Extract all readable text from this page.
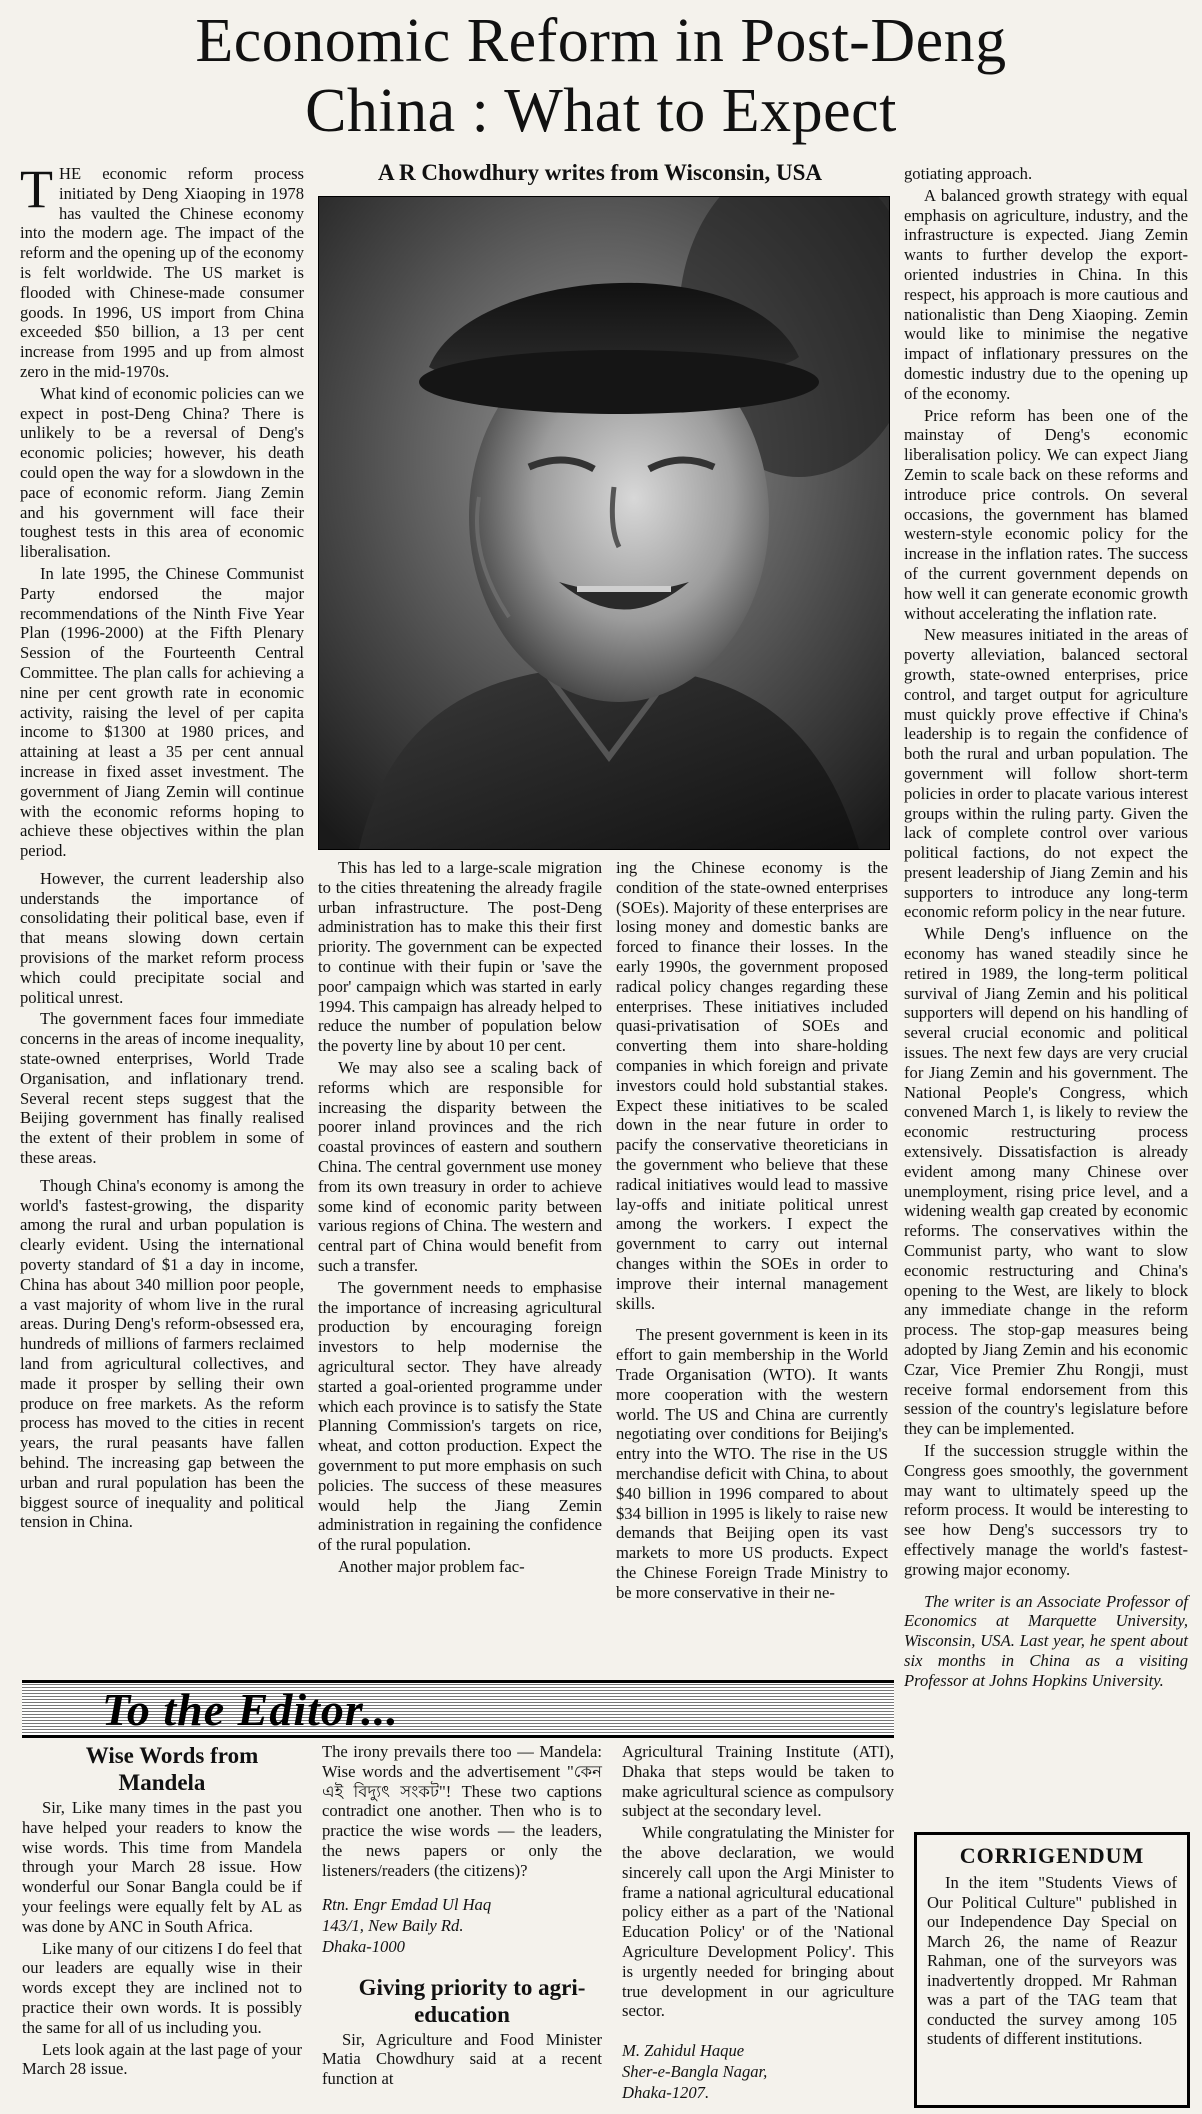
Economic Reform in Post-Deng
China : What to Expect

A R Chowdhury writes from Wisconsin, USA

THE economic reform process initiated by Deng Xiaoping in 1978 has vaulted the Chinese economy into the modern age. The impact of the reform and the opening up of the economy is felt worldwide. The US market is flooded with Chinese-made consumer goods. In 1996, US import from China exceeded $50 billion, a 13 per cent increase from 1995 and up from almost zero in the mid-1970s.

What kind of economic policies can we expect in post-Deng China? There is unlikely to be a reversal of Deng's economic policies; however, his death could open the way for a slowdown in the pace of economic reform. Jiang Zemin and his government will face their toughest tests in this area of economic liberalisation.

In late 1995, the Chinese Communist Party endorsed the major recommendations of the Ninth Five Year Plan (1996-2000) at the Fifth Plenary Session of the Fourteenth Central Committee. The plan calls for achieving a nine per cent growth rate in economic activity, raising the level of per capita income to $1300 at 1980 prices, and attaining at least a 35 per cent annual increase in fixed asset investment. The government of Jiang Zemin will continue with the economic reforms hoping to achieve these objectives within the plan period.

However, the current leadership also understands the importance of consolidating their political base, even if that means slowing down certain provisions of the market reform process which could precipitate social and political unrest.

The government faces four immediate concerns in the areas of income inequality, state-owned enterprises, World Trade Organisation, and inflationary trend. Several recent steps suggest that the Beijing government has finally realised the extent of their problem in some of these areas.

Though China's economy is among the world's fastest-growing, the disparity among the rural and urban population is clearly evident. Using the international poverty standard of $1 a day in income, China has about 340 million poor people, a vast majority of whom live in the rural areas. During Deng's reform-obsessed era, hundreds of millions of farmers reclaimed land from agricultural collectives, and made it prosper by selling their own produce on free markets. As the reform process has moved to the cities in recent years, the rural peasants have fallen behind. The increasing gap between the urban and rural population has been the biggest source of inequality and political tension in China.

This has led to a large-scale migration to the cities threatening the already fragile urban infrastructure. The post-Deng administration has to make this their first priority. The government can be expected to continue with their fupin or 'save the poor' campaign which was started in early 1994. This campaign has already helped to reduce the number of population below the poverty line by about 10 per cent.

We may also see a scaling back of reforms which are responsible for increasing the disparity between the poorer inland provinces and the rich coastal provinces of eastern and southern China. The central government use money from its own treasury in order to achieve some kind of economic parity between various regions of China. The western and central part of China would benefit from such a transfer.

The government needs to emphasise the importance of increasing agricultural production by encouraging foreign investors to help modernise the agricultural sector. They have already started a goal-oriented programme under which each province is to satisfy the State Planning Commission's targets on rice, wheat, and cotton production. Expect the government to put more emphasis on such policies. The success of these measures would help the Jiang Zemin administration in regaining the confidence of the rural population.

Another major problem fac-

ing the Chinese economy is the condition of the state-owned enterprises (SOEs). Majority of these enterprises are losing money and domestic banks are forced to finance their losses. In the early 1990s, the government proposed radical policy changes regarding these enterprises. These initiatives included quasi-privatisation of SOEs and converting them into share-holding companies in which foreign and private investors could hold substantial stakes. Expect these initiatives to be scaled down in the near future in order to pacify the conservative theoreticians in the government who believe that these radical initiatives would lead to massive lay-offs and initiate political unrest among the workers. I expect the government to carry out internal changes within the SOEs in order to improve their internal management skills.

The present government is keen in its effort to gain membership in the World Trade Organisation (WTO). It wants more cooperation with the western world. The US and China are currently negotiating over conditions for Beijing's entry into the WTO. The rise in the US merchandise deficit with China, to about $40 billion in 1996 compared to about $34 billion in 1995 is likely to raise new demands that Beijing open its vast markets to more US products. Expect the Chinese Foreign Trade Ministry to be more conservative in their ne-

gotiating approach.

A balanced growth strategy with equal emphasis on agriculture, industry, and the infrastructure is expected. Jiang Zemin wants to further develop the export-oriented industries in China. In this respect, his approach is more cautious and nationalistic than Deng Xiaoping. Zemin would like to minimise the negative impact of inflationary pressures on the domestic industry due to the opening up of the economy.

Price reform has been one of the mainstay of Deng's economic liberalisation policy. We can expect Jiang Zemin to scale back on these reforms and introduce price controls. On several occasions, the government has blamed western-style economic policy for the increase in the inflation rates. The success of the current government depends on how well it can generate economic growth without accelerating the inflation rate.

New measures initiated in the areas of poverty alleviation, balanced sectoral growth, state-owned enterprises, price control, and target output for agriculture must quickly prove effective if China's leadership is to regain the confidence of both the rural and urban population. The government will follow short-term policies in order to placate various interest groups within the ruling party. Given the lack of complete control over various political factions, do not expect the present leadership of Jiang Zemin and his supporters to introduce any long-term economic reform policy in the near future.

While Deng's influence on the economy has waned steadily since he retired in 1989, the long-term political survival of Jiang Zemin and his political supporters will depend on his handling of several crucial economic and political issues. The next few days are very crucial for Jiang Zemin and his government. The National People's Congress, which convened March 1, is likely to review the economic restructuring process extensively. Dissatisfaction is already evident among many Chinese over unemployment, rising price level, and a widening wealth gap created by economic reforms. The conservatives within the Communist party, who want to slow economic restructuring and China's opening to the West, are likely to block any immediate change in the reform process. The stop-gap measures being adopted by Jiang Zemin and his economic Czar, Vice Premier Zhu Rongji, must receive formal endorsement from this session of the country's legislature before they can be implemented.

If the succession struggle within the Congress goes smoothly, the government may want to ultimately speed up the reform process. It would be interesting to see how Deng's successors try to effectively manage the world's fastest-growing major economy.

The writer is an Associate Professor of Economics at Marquette University, Wisconsin, USA. Last year, he spent about six months in China as a visiting Professor at Johns Hopkins University.

To the Editor...

Wise Words from Mandela

Sir, Like many times in the past you have helped your readers to know the wise words. This time from Mandela through your March 28 issue. How wonderful our Sonar Bangla could be if your feelings were equally felt by AL as was done by ANC in South Africa.

Like many of our citizens I do feel that our leaders are equally wise in their words except they are inclined not to practice their own words. It is possibly the same for all of us including you.

Lets look again at the last page of your March 28 issue.

The irony prevails there too — Mandela: Wise words and the advertisement "কেন এই বিদ্যুৎ সংকট"! These two captions contradict one another. Then who is to practice the wise words — the leaders, the news papers or only the listeners/readers (the citizens)?

Rtn. Engr Emdad Ul Haq

143/1, New Baily Rd.

Dhaka-1000

Giving priority to agri-education

Sir, Agriculture and Food Minister Matia Chowdhury said at a recent function at

Agricultural Training Institute (ATI), Dhaka that steps would be taken to make agricultural science as compulsory subject at the secondary level.

While congratulating the Minister for the above declaration, we would sincerely call upon the Argi Minister to frame a national agricultural educational policy either as a part of the 'National Education Policy' or of the 'National Agriculture Development Policy'. This is urgently needed for bringing about true development in our agriculture sector.

M. Zahidul Haque

Sher-e-Bangla Nagar,

Dhaka-1207.

CORRIGENDUM

In the item "Students Views of Our Political Culture" published in our Independence Day Special on March 26, the name of Reazur Rahman, one of the surveyors was inadvertently dropped. Mr Rahman was a part of the TAG team that conducted the survey among 105 students of different institutions.
